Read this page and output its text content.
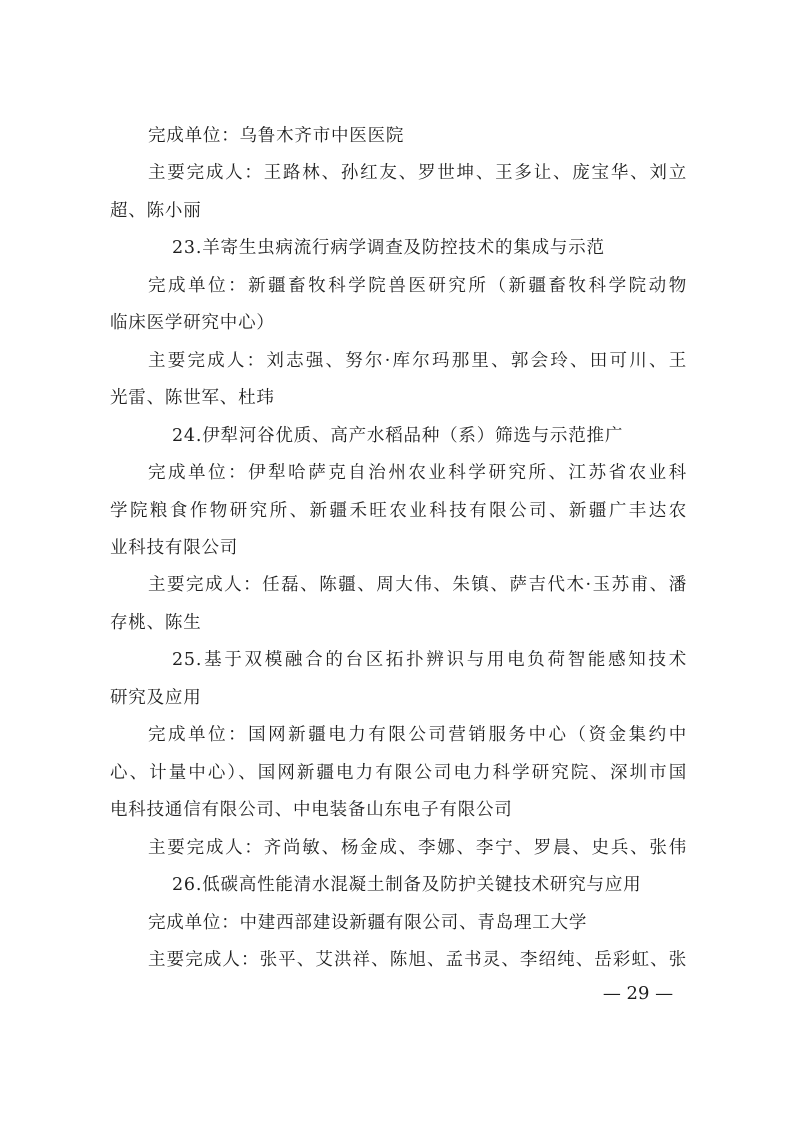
完成单位：乌鲁木齐市中医医院
主要完成人：王路林、孙红友、罗世坤、王多让、庞宝华、刘立
超、陈小丽
23.羊寄生虫病流行病学调查及防控技术的集成与示范
完成单位：新疆畜牧科学院兽医研究所（新疆畜牧科学院动物
临床医学研究中心）
主要完成人：刘志强、努尔·库尔玛那里、郭会玲、田可川、王
光雷、陈世军、杜玮
24.伊犁河谷优质、高产水稻品种（系）筛选与示范推广
完成单位：伊犁哈萨克自治州农业科学研究所、江苏省农业科
学院粮食作物研究所、新疆禾旺农业科技有限公司、新疆广丰达农
业科技有限公司
主要完成人：任磊、陈疆、周大伟、朱镇、萨吉代木·玉苏甫、潘
存桃、陈生
25.基于双模融合的台区拓扑辨识与用电负荷智能感知技术
研究及应用
完成单位：国网新疆电力有限公司营销服务中心（资金集约中
心、计量中心）、国网新疆电力有限公司电力科学研究院、深圳市国
电科技通信有限公司、中电装备山东电子有限公司
主要完成人：齐尚敏、杨金成、李娜、李宁、罗晨、史兵、张伟
26.低碳高性能清水混凝土制备及防护关键技术研究与应用
完成单位：中建西部建设新疆有限公司、青岛理工大学
主要完成人：张平、艾洪祥、陈旭、孟书灵、李绍纯、岳彩虹、张
— 29 —
